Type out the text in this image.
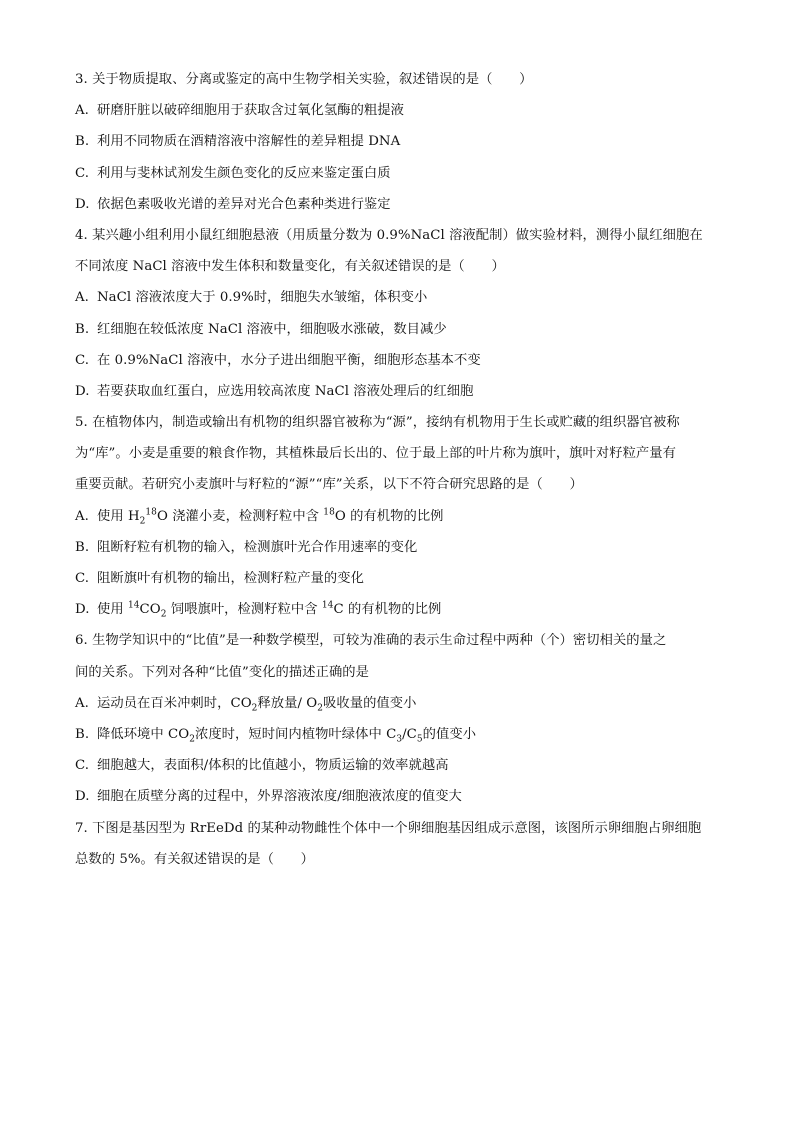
3. 关于物质提取、分离或鉴定的高中生物学相关实验，叙述错误的是（　　）
A. 研磨肝脏以破碎细胞用于获取含过氧化氢酶的粗提液
B. 利用不同物质在酒精溶液中溶解性的差异粗提 DNA
C. 利用与斐林试剂发生颜色变化的反应来鉴定蛋白质
D. 依据色素吸收光谱的差异对光合色素种类进行鉴定
4. 某兴趣小组利用小鼠红细胞悬液（用质量分数为 0.9%NaCl 溶液配制）做实验材料，测得小鼠红细胞在
不同浓度 NaCl 溶液中发生体积和数量变化，有关叙述错误的是（　　）
A. NaCl 溶液浓度大于 0.9%时，细胞失水皱缩，体积变小
B. 红细胞在较低浓度 NaCl 溶液中，细胞吸水涨破，数目减少
C. 在 0.9%NaCl 溶液中，水分子进出细胞平衡，细胞形态基本不变
D. 若要获取血红蛋白，应选用较高浓度 NaCl 溶液处理后的红细胞
5. 在植物体内，制造或输出有机物的组织器官被称为“源”，接纳有机物用于生长或贮藏的组织器官被称
为“库”。小麦是重要的粮食作物，其植株最后长出的、位于最上部的叶片称为旗叶，旗叶对籽粒产量有
重要贡献。若研究小麦旗叶与籽粒的“源”“库”关系，以下不符合研究思路的是（　　）
A. 使用 $H_2^{18}O$ 浇灌小麦，检测籽粒中含 $^{18}$O 的有机物的比例
B. 阻断籽粒有机物的输入，检测旗叶光合作用速率的变化
C. 阻断旗叶有机物的输出，检测籽粒产量的变化
D. 使用 $^{14}CO_2$ 饲喂旗叶，检测籽粒中含 $^{14}$C 的有机物的比例
6. 生物学知识中的“比值”是一种数学模型，可较为准确的表示生命过程中两种（个）密切相关的量之
间的关系。下列对各种“比值”变化的描述正确的是
A. 运动员在百米冲刺时，$CO_2$释放量/ $O_2$吸收量的值变小
B. 降低环境中 $CO_2$浓度时，短时间内植物叶绿体中 $C_3/C_5$的值变小
C. 细胞越大，表面积/体积的比值越小，物质运输的效率就越高
D. 细胞在质壁分离的过程中，外界溶液浓度/细胞液浓度的值变大
7. 下图是基因型为 RrEeDd 的某种动物雌性个体中一个卵细胞基因组成示意图，该图所示卵细胞占卵细胞
总数的 5%。有关叙述错误的是（　　）
